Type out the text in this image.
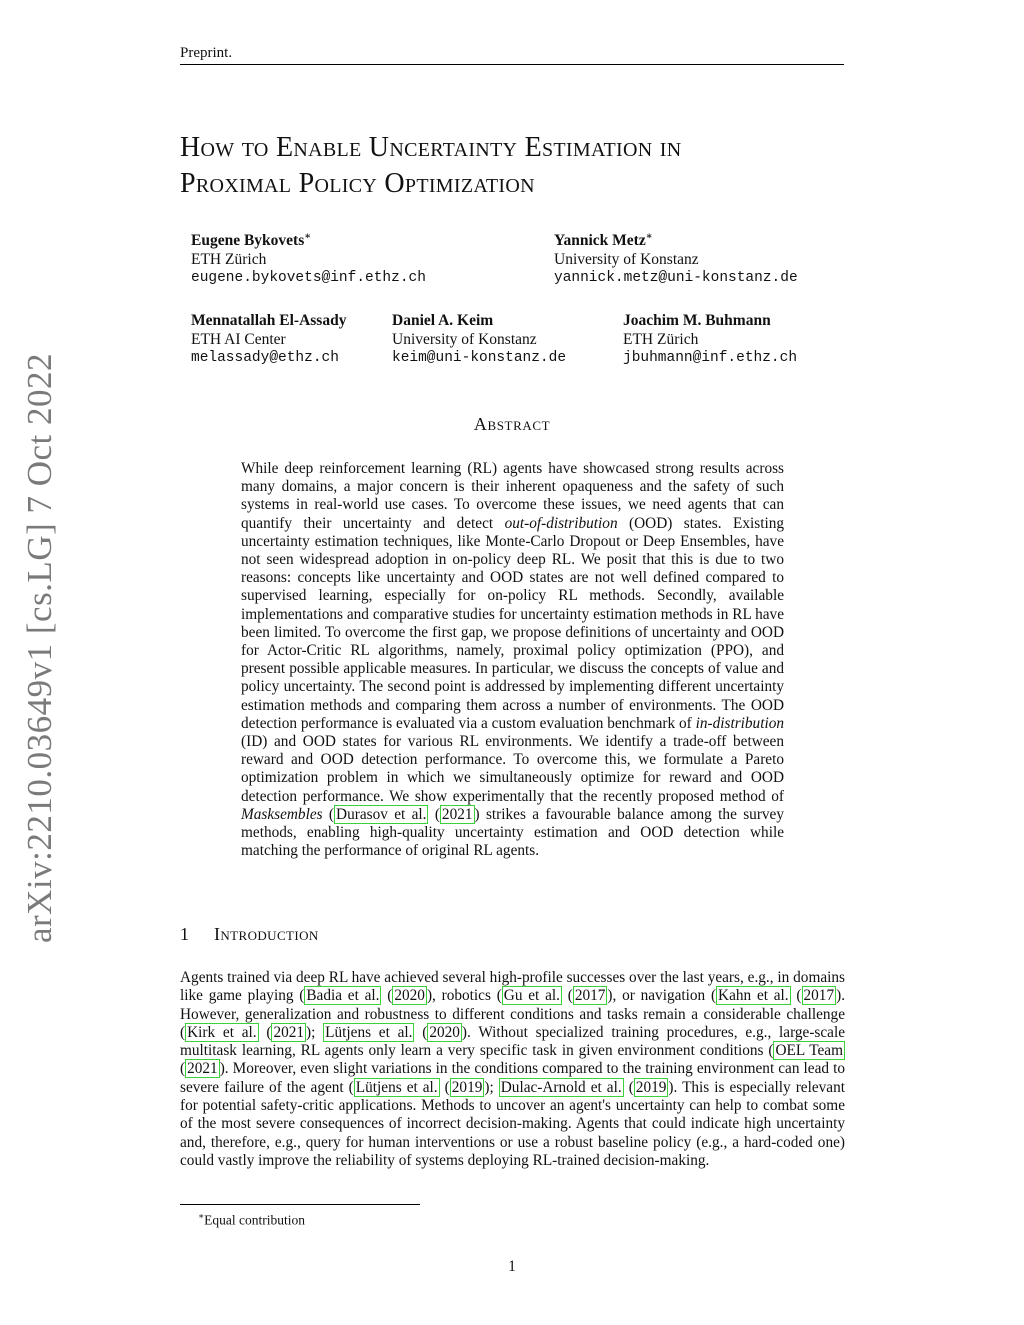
Preprint.
arXiv:2210.03649v1 [cs.LG] 7 Oct 2022
How to Enable Uncertainty Estimation in
Proximal Policy Optimization
Eugene Bykovets∗
ETH Zürich
eugene.bykovets@inf.ethz.ch
Yannick Metz∗
University of Konstanz
yannick.metz@uni-konstanz.de
Mennatallah El-Assady
ETH AI Center
melassady@ethz.ch
Daniel A. Keim
University of Konstanz
keim@uni-konstanz.de
Joachim M. Buhmann
ETH Zürich
jbuhmann@inf.ethz.ch
Abstract
While deep reinforcement learning (RL) agents have showcased strong results across many domains, a major concern is their inherent opaqueness and the safety of such systems in real-world use cases. To overcome these issues, we need agents that can quantify their uncertainty and detect out-of-distribution (OOD) states. Existing uncertainty estimation techniques, like Monte-Carlo Dropout or Deep Ensembles, have not seen widespread adoption in on-policy deep RL. We posit that this is due to two reasons: concepts like uncertainty and OOD states are not well defined compared to supervised learning, especially for on-policy RL methods. Secondly, available implementations and comparative studies for uncertainty estimation methods in RL have been limited. To overcome the first gap, we propose definitions of uncertainty and OOD for Actor-Critic RL algorithms, namely, proximal policy optimization (PPO), and present possible applicable measures. In particular, we discuss the concepts of value and policy uncertainty. The second point is addressed by implementing different uncertainty estimation methods and comparing them across a number of environments. The OOD detection performance is evaluated via a custom evaluation benchmark of in-distribution (ID) and OOD states for various RL environments. We identify a trade-off between reward and OOD detection performance. To overcome this, we formulate a Pareto optimization problem in which we simultaneously optimize for reward and OOD detection performance. We show experimentally that the recently proposed method of Masksembles ( Durasov et al. ( 2021 ) strikes a favourable balance among the survey methods, enabling high-quality uncertainty estimation and OOD detection while matching the performance of original RL agents.
1 Introduction
Agents trained via deep RL have achieved several high-profile successes over the last years, e.g., in domains like game playing ( Badia et al. ( 2020 ), robotics ( Gu et al. ( 2017 ), or navigation ( Kahn et al. ( 2017 ). However, generalization and robustness to different conditions and tasks remain a considerable challenge ( Kirk et al. ( 2021 ); Lütjens et al. ( 2020 ). Without specialized training procedures, e.g., large-scale multitask learning, RL agents only learn a very specific task in given environment conditions ( OEL Team ( 2021 ). Moreover, even slight variations in the conditions compared to the training environment can lead to severe failure of the agent ( Lütjens et al. ( 2019 ); Dulac-Arnold et al. ( 2019 ). This is especially relevant for potential safety-critic applications. Methods to uncover an agent's uncertainty can help to combat some of the most severe consequences of incorrect decision-making. Agents that could indicate high uncertainty and, therefore, e.g., query for human interventions or use a robust baseline policy (e.g., a hard-coded one) could vastly improve the reliability of systems deploying RL-trained decision-making.
∗Equal contribution
1
